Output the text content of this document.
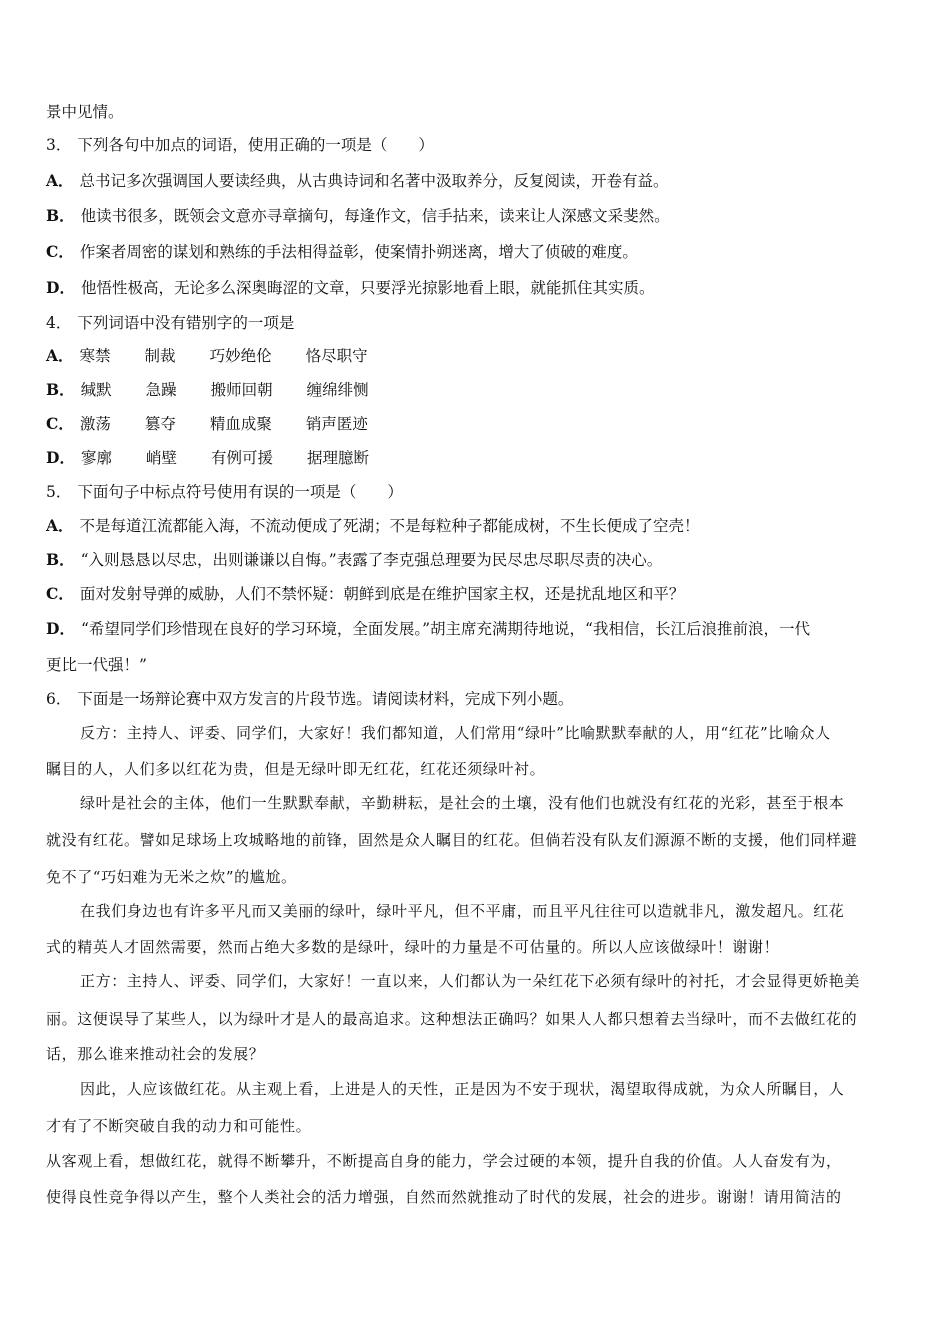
景中见情。
3． 下列各句中加点的词语，使用正确的一项是（　　）
A． 总书记多次强调国人要读经典，从古典诗词和名著中汲取养分，反复阅读，开卷有益。
B． 他读书很多，既领会文意亦寻章摘句，每逢作文，信手拈来，读来让人深感文采斐然。
C． 作案者周密的谋划和熟练的手法相得益彰，使案情扑朔迷离，增大了侦破的难度。
D． 他悟性极高，无论多么深奥晦涩的文章，只要浮光掠影地看上眼，就能抓住其实质。
4． 下列词语中没有错别字的一项是
A． 寒禁 制裁 巧妙绝伦 恪尽职守
B． 缄默 急躁 搬师回朝 缠绵绯恻
C． 激荡 篡夺 精血成聚 销声匿迹
D． 寥廓 峭壁 有例可援 据理臆断
5． 下面句子中标点符号使用有误的一项是（　　）
A． 不是每道江流都能入海，不流动便成了死湖；不是每粒种子都能成树，不生长便成了空壳！
B． “入则恳恳以尽忠，出则谦谦以自悔。”表露了李克强总理要为民尽忠尽职尽责的决心。
C． 面对发射导弹的威胁，人们不禁怀疑：朝鲜到底是在维护国家主权，还是扰乱地区和平？
D． “希望同学们珍惜现在良好的学习环境，全面发展。”胡主席充满期待地说，“我相信，长江后浪推前浪，一代
更比一代强！”
6． 下面是一场辩论赛中双方发言的片段节选。请阅读材料，完成下列小题。
反方：主持人、评委、同学们，大家好！我们都知道，人们常用“绿叶”比喻默默奉献的人，用“红花”比喻众人
瞩目的人，人们多以红花为贵，但是无绿叶即无红花，红花还须绿叶衬。
绿叶是社会的主体，他们一生默默奉献，辛勤耕耘，是社会的土壤，没有他们也就没有红花的光彩，甚至于根本
就没有红花。譬如足球场上攻城略地的前锋，固然是众人瞩目的红花。但倘若没有队友们源源不断的支援，他们同样避
免不了“巧妇难为无米之炊”的尴尬。
在我们身边也有许多平凡而又美丽的绿叶，绿叶平凡，但不平庸，而且平凡往往可以造就非凡，激发超凡。红花
式的精英人才固然需要，然而占绝大多数的是绿叶，绿叶的力量是不可估量的。所以人应该做绿叶！谢谢！
正方：主持人、评委、同学们，大家好！一直以来，人们都认为一朵红花下必须有绿叶的衬托，才会显得更娇艳美
丽。这便误导了某些人，以为绿叶才是人的最高追求。这种想法正确吗？如果人人都只想着去当绿叶，而不去做红花的
话，那么谁来推动社会的发展？
因此，人应该做红花。从主观上看，上进是人的天性，正是因为不安于现状，渴望取得成就，为众人所瞩目，人
才有了不断突破自我的动力和可能性。
从客观上看，想做红花，就得不断攀升，不断提高自身的能力，学会过硬的本领，提升自我的价值。人人奋发有为，
使得良性竞争得以产生，整个人类社会的活力增强，自然而然就推动了时代的发展，社会的进步。谢谢！请用简洁的
